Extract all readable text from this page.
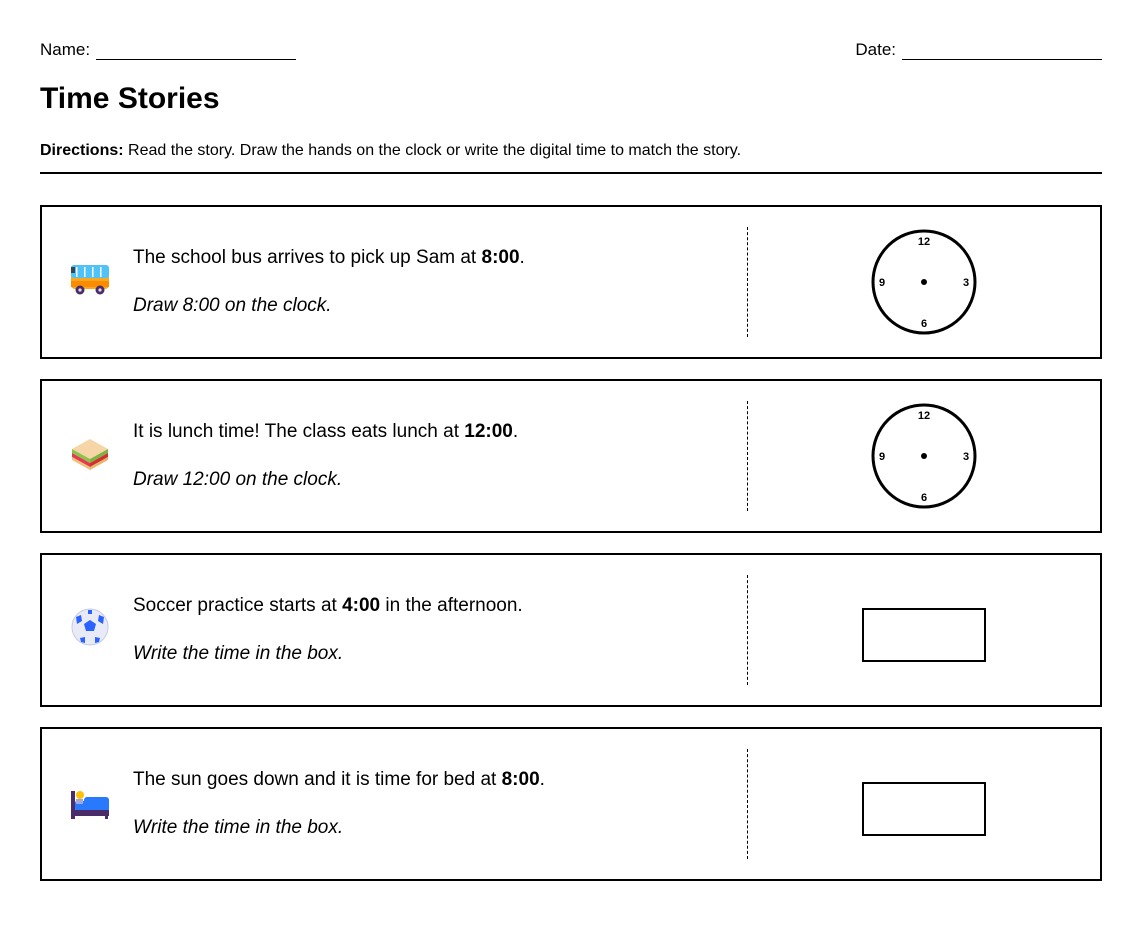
Name:	Date:
Time Stories
Directions: Read the story. Draw the hands on the clock or write the digital time to match the story.
The school bus arrives to pick up Sam at 8:00.
Draw 8:00 on the clock.
12
3
6
9
It is lunch time! The class eats lunch at 12:00.
Draw 12:00 on the clock.
12
3
6
9
Soccer practice starts at 4:00 in the afternoon.
Write the time in the box.
The sun goes down and it is time for bed at 8:00.
Write the time in the box.
